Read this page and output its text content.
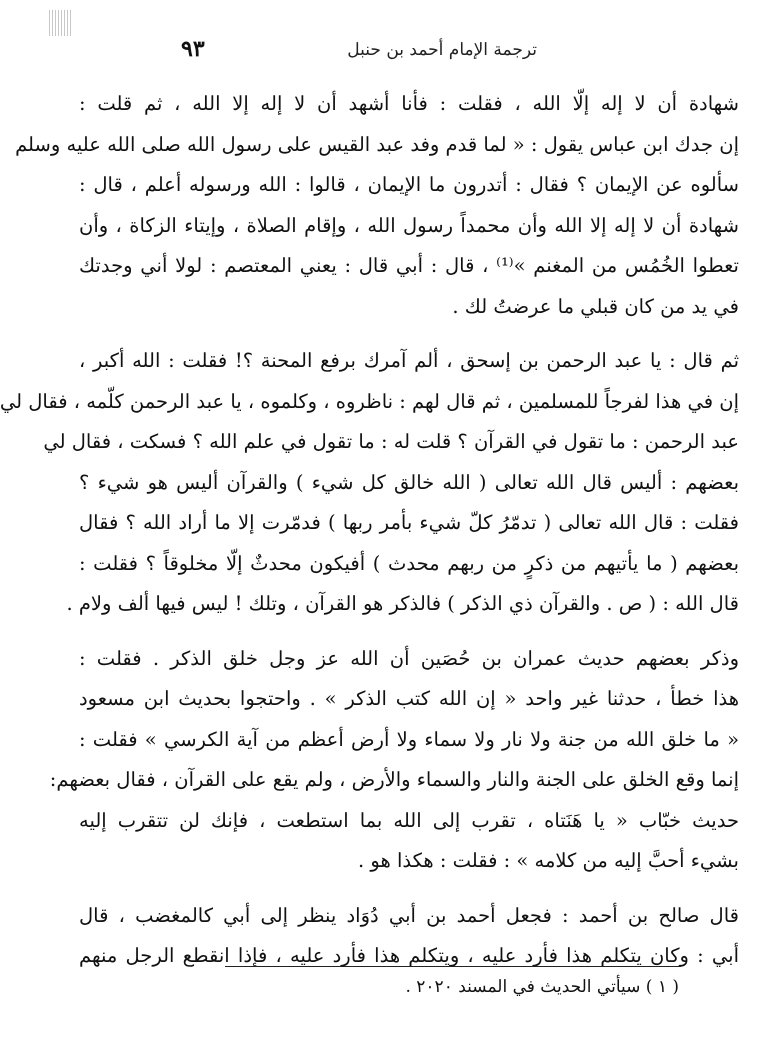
ترجمة الإمام أحمد بن حنبل
٩٣
شهادة أن لا إله إلّا الله ، فقلت : فأنا أشهد أن لا إله إلا الله ، ثم قلت :
إن جدك ابن عباس يقول : « لما قدم وفد عبد القيس على رسول الله صلى الله عليه وسلم
سألوه عن الإيمان ؟ فقال : أتدرون ما الإيمان ، قالوا : الله ورسوله أعلم ، قال :
شهادة أن لا إله إلا الله وأن محمداً رسول الله ، وإقام الصلاة ، وإيتاء الزكاة ، وأن
تعطوا الخُمُس من المغنم »⁽¹⁾ ، قال : أبي قال : يعني المعتصم : لولا أني وجدتك
في يد من كان قبلي ما عرضتُ لك .
ثم قال : يا عبد الرحمن بن إسحق ، ألم آمرك برفع المحنة ؟! فقلت : الله أكبر ،
إن في هذا لفرجاً للمسلمين ، ثم قال لهم : ناظروه ، وكلموه ، يا عبد الرحمن كلّمه ، فقال لي
عبد الرحمن : ما تقول في القرآن ؟ قلت له : ما تقول في علم الله ؟ فسكت ، فقال لي
بعضهم : أليس قال الله تعالى ( الله خالق كل شيء ) والقرآن أليس هو شيء ؟
فقلت : قال الله تعالى ( تدمّرُ كلّ شيء بأمر ربها ) فدمّرت إلا ما أراد الله ؟ فقال
بعضهم ( ما يأتيهم من ذكرٍ من ربهم محدث ) أفيكون محدثٌ إلّا مخلوقاً ؟ فقلت :
قال الله : ( ص . والقرآن ذي الذكر ) فالذكر هو القرآن ، وتلك ! ليس فيها ألف ولام .
وذكر بعضهم حديث عمران بن حُصَين أن الله عز وجل خلق الذكر . فقلت :
هذا خطأ ، حدثنا غير واحد « إن الله كتب الذكر » . واحتجوا بحديث ابن مسعود
« ما خلق الله من جنة ولا نار ولا سماء ولا أرض أعظم من آية الكرسي » فقلت :
إنما وقع الخلق على الجنة والنار والسماء والأرض ، ولم يقع على القرآن ، فقال بعضهم:
حديث خبّاب « يا هَنَتاه ، تقرب إلى الله بما استطعت ، فإنك لن تتقرب إليه
بشيء أحبَّ إليه من كلامه » : فقلت : هكذا هو .
قال صالح بن أحمد : فجعل أحمد بن أبي دُوَاد ينظر إلى أبي كالمغضب ، قال
أبي : وكان يتكلم هذا فأرد عليه ، ويتكلم هذا فأرد عليه ، فإذا انقطع الرجل منهم
( ١ ) سيأتي الحديث في المسند ٢٠٢٠ .
